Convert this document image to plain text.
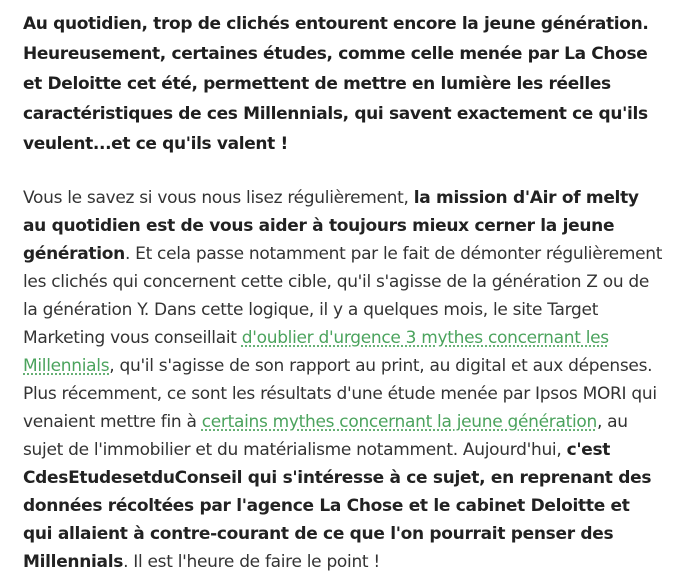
Au quotidien, trop de clichés entourent encore la jeune génération. Heureusement, certaines études, comme celle menée par La Chose et Deloitte cet été, permettent de mettre en lumière les réelles caractéristiques de ces Millennials, qui savent exactement ce qu'ils veulent...et ce qu'ils valent !

Vous le savez si vous nous lisez régulièrement, la mission d'Air of melty au quotidien est de vous aider à toujours mieux cerner la jeune génération. Et cela passe notamment par le fait de démonter régulièrement les clichés qui concernent cette cible, qu'il s'agisse de la génération Z ou de la génération Y. Dans cette logique, il y a quelques mois, le site Target Marketing vous conseillait d'oublier d'urgence 3 mythes concernant les Millennials, qu'il s'agisse de son rapport au print, au digital et aux dépenses. Plus récemment, ce sont les résultats d'une étude menée par Ipsos MORI qui venaient mettre fin à certains mythes concernant la jeune génération, au sujet de l'immobilier et du matérialisme notamment. Aujourd'hui, c'est CdesEtudesetduConseil qui s'intéresse à ce sujet, en reprenant des données récoltées par l'agence La Chose et le cabinet Deloitte et qui allaient à contre-courant de ce que l'on pourrait penser des Millennials. Il est l'heure de faire le point !
